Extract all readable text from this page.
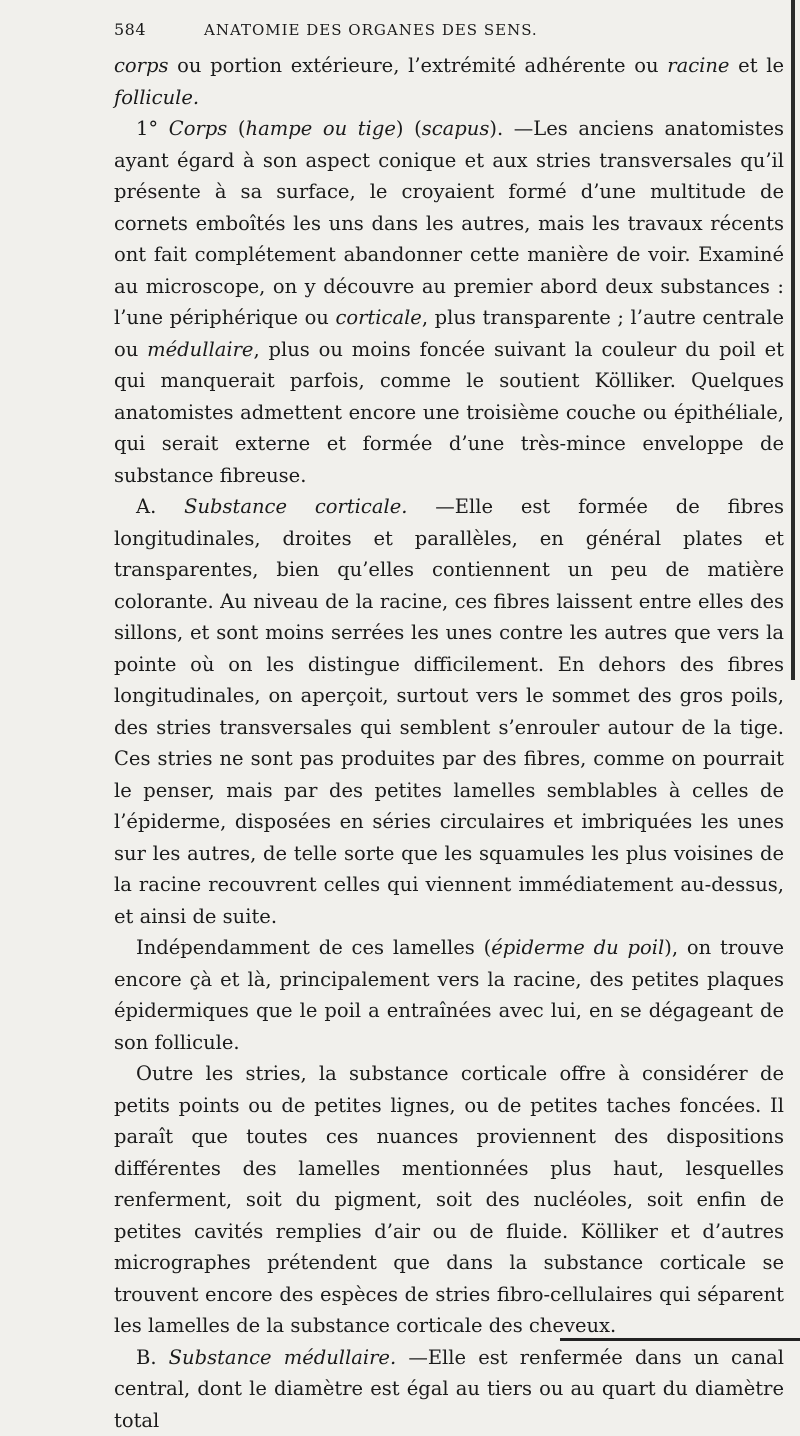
584	ANATOMIE DES ORGANES DES SENS.

corps ou portion extérieure, l’extrémité adhérente ou racine et le follicule.

1° Corps (hampe ou tige) (scapus). —Les anciens anatomistes ayant égard à son aspect conique et aux stries transversales qu’il présente à sa surface, le croyaient formé d’une multitude de cornets emboîtés les uns dans les autres, mais les travaux récents ont fait complétement abandonner cette manière de voir. Examiné au microscope, on y découvre au premier abord deux substances : l’une périphérique ou corticale, plus transparente ; l’autre centrale ou médullaire, plus ou moins foncée suivant la couleur du poil et qui manquerait parfois, comme le soutient Kölliker. Quelques anatomistes admettent encore une troisième couche ou épithéliale, qui serait externe et formée d’une très-mince enveloppe de substance fibreuse.

A. Substance corticale. —Elle est formée de fibres longitudinales, droites et parallèles, en général plates et transparentes, bien qu’elles contiennent un peu de matière colorante. Au niveau de la racine, ces fibres laissent entre elles des sillons, et sont moins serrées les unes contre les autres que vers la pointe où on les distingue difficilement. En dehors des fibres longitudinales, on aperçoit, surtout vers le sommet des gros poils, des stries transversales qui semblent s’enrouler autour de la tige. Ces stries ne sont pas produites par des fibres, comme on pourrait le penser, mais par des petites lamelles semblables à celles de l’épiderme, disposées en séries circulaires et imbriquées les unes sur les autres, de telle sorte que les squamules les plus voisines de la racine recouvrent celles qui viennent immédiatement au-dessus, et ainsi de suite.

Indépendamment de ces lamelles (épiderme du poil), on trouve encore çà et là, principalement vers la racine, des petites plaques épidermiques que le poil a entraînées avec lui, en se dégageant de son follicule.

Outre les stries, la substance corticale offre à considérer de petits points ou de petites lignes, ou de petites taches foncées. Il paraît que toutes ces nuances proviennent des dispositions différentes des lamelles mentionnées plus haut, lesquelles renferment, soit du pigment, soit des nucléoles, soit enfin de petites cavités remplies d’air ou de fluide. Kölliker et d’autres micrographes prétendent que dans la substance corticale se trouvent encore des espèces de stries fibro-cellulaires qui séparent les lamelles de la substance corticale des cheveux.

B. Substance médullaire. —Elle est renfermée dans un canal central, dont le diamètre est égal au tiers ou au quart du diamètre total
